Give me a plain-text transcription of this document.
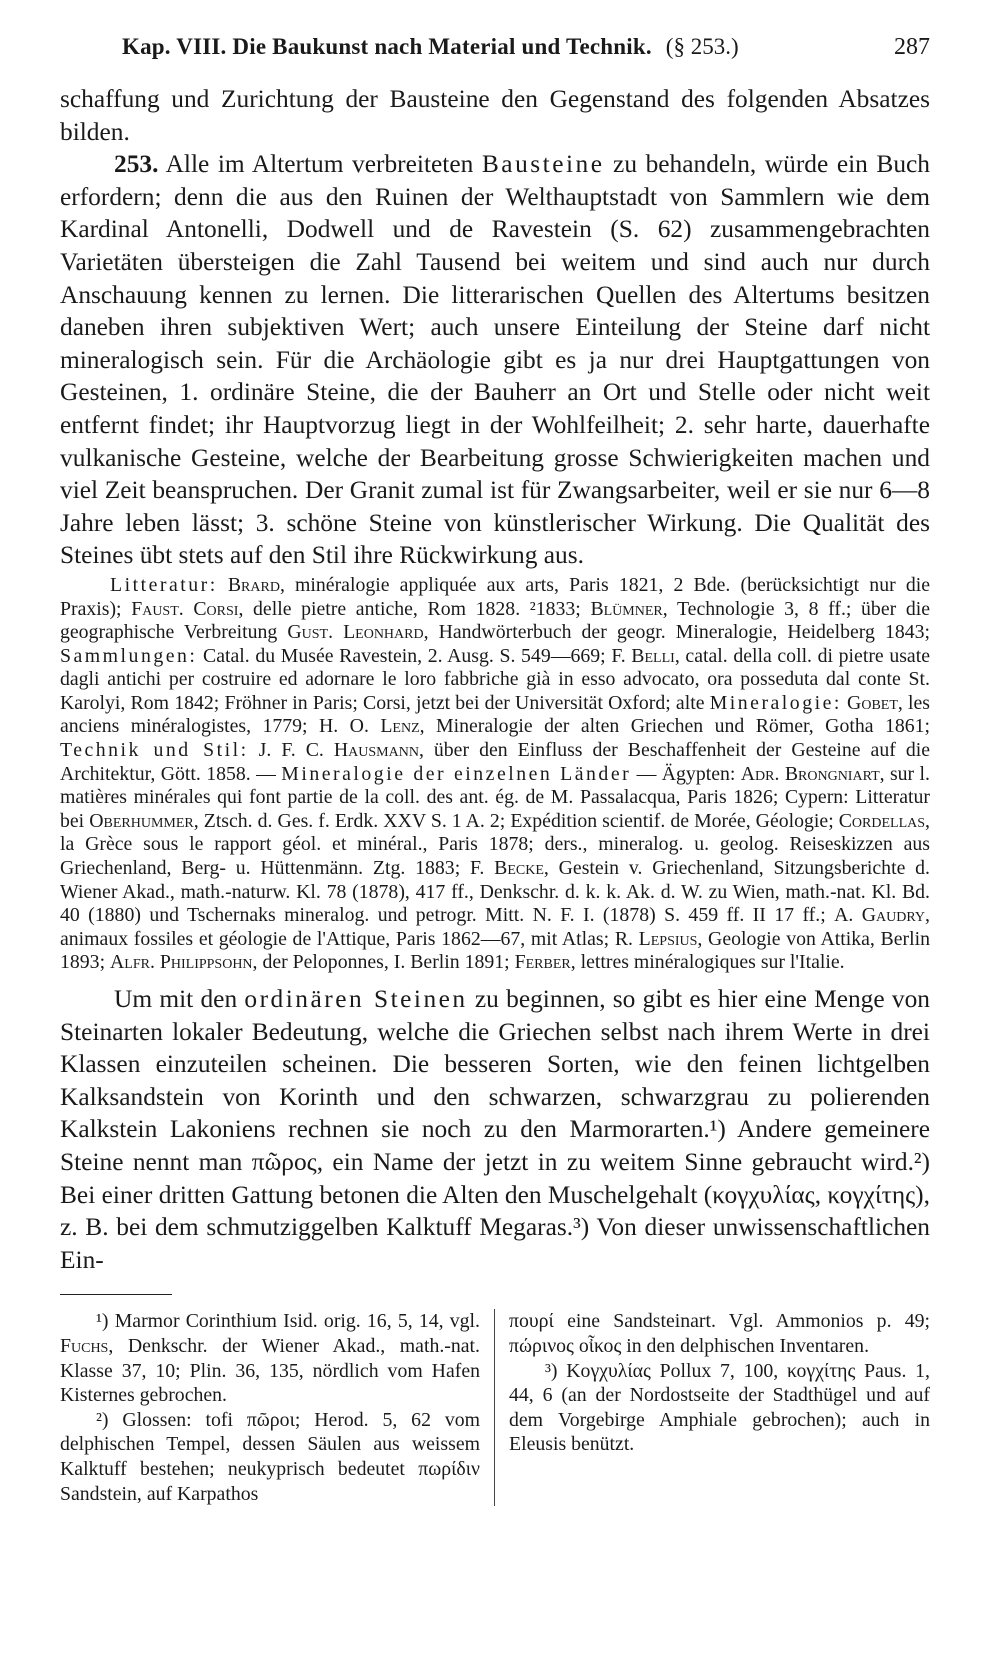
Kap. VIII. Die Baukunst nach Material und Technik. (§ 253.)	287

schaffung und Zurichtung der Bausteine den Gegenstand des folgenden Absatzes bilden.

253. Alle im Altertum verbreiteten Bausteine zu behandeln, würde ein Buch erfordern; denn die aus den Ruinen der Welthauptstadt von Sammlern wie dem Kardinal Antonelli, Dodwell und de Ravestein (S. 62) zusammengebrachten Varietäten übersteigen die Zahl Tausend bei weitem und sind auch nur durch Anschauung kennen zu lernen. Die litterarischen Quellen des Altertums besitzen daneben ihren subjektiven Wert; auch unsere Einteilung der Steine darf nicht mineralogisch sein. Für die Archäologie gibt es ja nur drei Hauptgattungen von Gesteinen, 1. ordinäre Steine, die der Bauherr an Ort und Stelle oder nicht weit entfernt findet; ihr Hauptvorzug liegt in der Wohlfeilheit; 2. sehr harte, dauerhafte vulkanische Gesteine, welche der Bearbeitung grosse Schwierigkeiten machen und viel Zeit beanspruchen. Der Granit zumal ist für Zwangsarbeiter, weil er sie nur 6—8 Jahre leben lässt; 3. schöne Steine von künstlerischer Wirkung. Die Qualität des Steines übt stets auf den Stil ihre Rückwirkung aus.

Litteratur: Brard, minéralogie appliquée aux arts, Paris 1821, 2 Bde. (berücksichtigt nur die Praxis); Faust. Corsi, delle pietre antiche, Rom 1828. ²1833; Blümner, Technologie 3, 8 ff.; über die geographische Verbreitung Gust. Leonhard, Handwörterbuch der geogr. Mineralogie, Heidelberg 1843; Sammlungen: Catal. du Musée Ravestein, 2. Ausg. S. 549—669; F. Belli, catal. della coll. di pietre usate dagli antichi per costruire ed adornare le loro fabbriche già in esso advocato, ora posseduta dal conte St. Karolyi, Rom 1842; Fröhner in Paris; Corsi, jetzt bei der Universität Oxford; alte Mineralogie: Gobet, les anciens minéralogistes, 1779; H. O. Lenz, Mineralogie der alten Griechen und Römer, Gotha 1861; Technik und Stil: J. F. C. Hausmann, über den Einfluss der Beschaffenheit der Gesteine auf die Architektur, Gött. 1858. — Mineralogie der einzelnen Länder — Ägypten: Adr. Brongniart, sur l. matières minérales qui font partie de la coll. des ant. ég. de M. Passalacqua, Paris 1826; Cypern: Litteratur bei Oberhummer, Ztsch. d. Ges. f. Erdk. XXV S. 1 A. 2; Expédition scientif. de Morée, Géologie; Cordellas, la Grèce sous le rapport géol. et minéral., Paris 1878; ders., mineralog. u. geolog. Reiseskizzen aus Griechenland, Berg- u. Hüttenmänn. Ztg. 1883; F. Becke, Gestein v. Griechenland, Sitzungsberichte d. Wiener Akad., math.-naturw. Kl. 78 (1878), 417 ff., Denkschr. d. k. k. Ak. d. W. zu Wien, math.-nat. Kl. Bd. 40 (1880) und Tschernaks mineralog. und petrogr. Mitt. N. F. I. (1878) S. 459 ff. II 17 ff.; A. Gaudry, animaux fossiles et géologie de l'Attique, Paris 1862—67, mit Atlas; R. Lepsius, Geologie von Attika, Berlin 1893; Alfr. Philippsohn, der Peloponnes, I. Berlin 1891; Ferber, lettres minéralogiques sur l'Italie.

Um mit den ordinären Steinen zu beginnen, so gibt es hier eine Menge von Steinarten lokaler Bedeutung, welche die Griechen selbst nach ihrem Werte in drei Klassen einzuteilen scheinen. Die besseren Sorten, wie den feinen lichtgelben Kalksandstein von Korinth und den schwarzen, schwarzgrau zu polierenden Kalkstein Lakoniens rechnen sie noch zu den Marmorarten.¹) Andere gemeinere Steine nennt man πῶρος, ein Name der jetzt in zu weitem Sinne gebraucht wird.²) Bei einer dritten Gattung betonen die Alten den Muschelgehalt (κογχυλίας, κογχίτης), z. B. bei dem schmutziggelben Kalktuff Megaras.³) Von dieser unwissenschaftlichen Ein-

¹) Marmor Corinthium Isid. orig. 16, 5, 14, vgl. Fuchs, Denkschr. der Wiener Akad., math.-nat. Klasse 37, 10; Plin. 36, 135, nördlich vom Hafen Kisternes gebrochen.

²) Glossen: tofi πῶροι; Herod. 5, 62 vom delphischen Tempel, dessen Säulen aus weissem Kalktuff bestehen; neukyprisch bedeutet πωρίδιν Sandstein, auf Karpathos

πουρί eine Sandsteinart. Vgl. Ammonios p. 49; πώρινος οἶκος in den delphischen Inventaren.

³) Κογχυλίας Pollux 7, 100, κογχίτης Paus. 1, 44, 6 (an der Nordostseite der Stadthügel und auf dem Vorgebirge Amphiale gebrochen); auch in Eleusis benützt.
